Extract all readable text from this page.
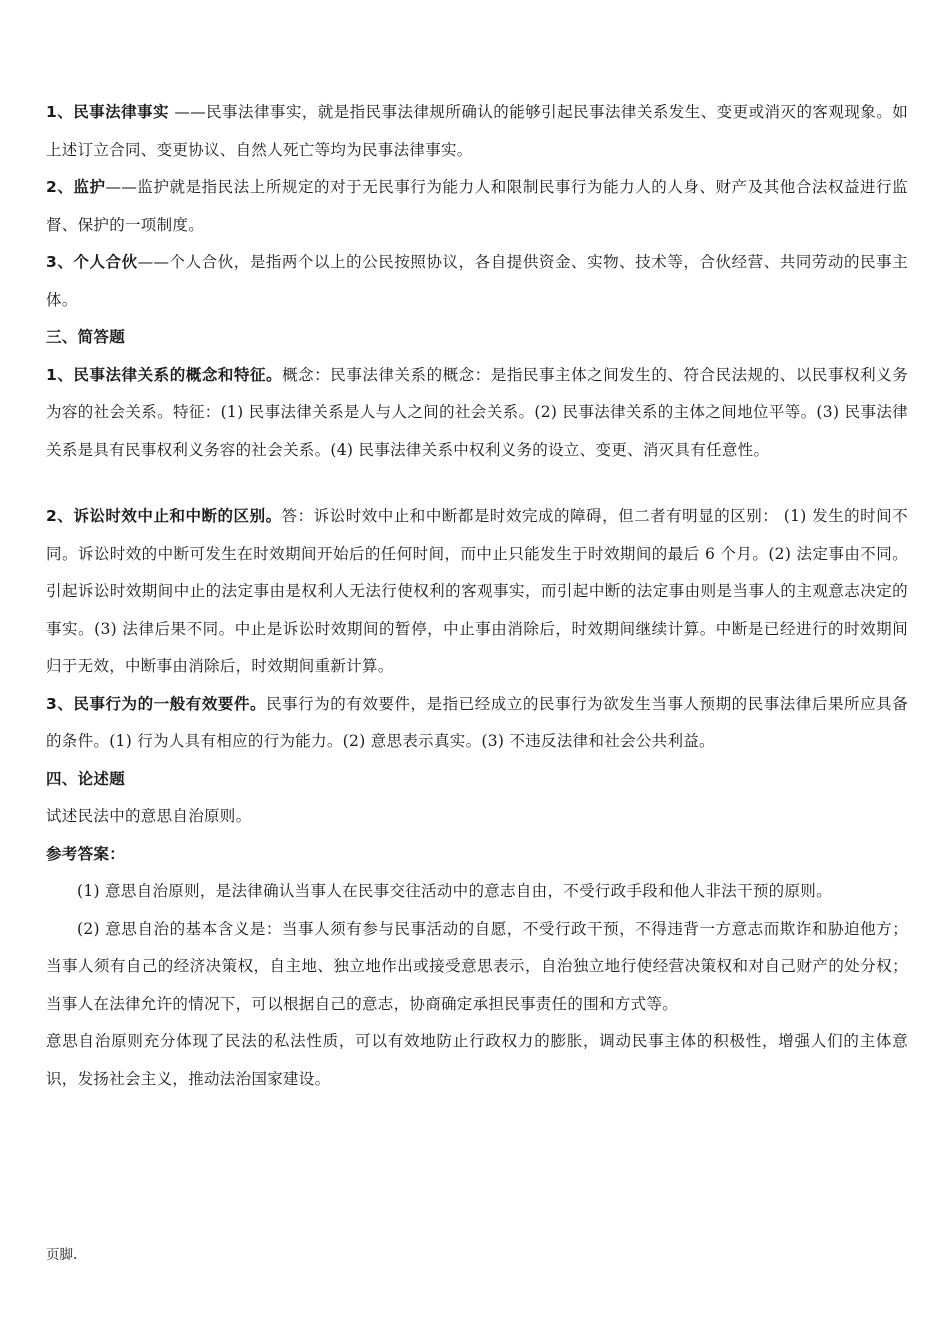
1、民事法律事实 ——民事法律事实，就是指民事法律规所确认的能够引起民事法律关系发生、变更或消灭的客观现象。如上述订立合同、变更协议、自然人死亡等均为民事法律事实。

2、监护——监护就是指民法上所规定的对于无民事行为能力人和限制民事行为能力人的人身、财产及其他合法权益进行监督、保护的一项制度。

3、个人合伙——个人合伙，是指两个以上的公民按照协议，各自提供资金、实物、技术等，合伙经营、共同劳动的民事主体。

三、简答题

1、民事法律关系的概念和特征。概念：民事法律关系的概念：是指民事主体之间发生的、符合民法规的、以民事权利义务为容的社会关系。特征：(1) 民事法律关系是人与人之间的社会关系。(2) 民事法律关系的主体之间地位平等。(3) 民事法律关系是具有民事权利义务容的社会关系。(4) 民事法律关系中权利义务的设立、变更、消灭具有任意性。

2、诉讼时效中止和中断的区别。答：诉讼时效中止和中断都是时效完成的障碍，但二者有明显的区别： (1) 发生的时间不同。诉讼时效的中断可发生在时效期间开始后的任何时间，而中止只能发生于时效期间的最后 6 个月。(2) 法定事由不同。引起诉讼时效期间中止的法定事由是权利人无法行使权利的客观事实，而引起中断的法定事由则是当事人的主观意志决定的事实。(3) 法律后果不同。中止是诉讼时效期间的暂停，中止事由消除后，时效期间继续计算。中断是已经进行的时效期间归于无效，中断事由消除后，时效期间重新计算。

3、民事行为的一般有效要件。民事行为的有效要件，是指已经成立的民事行为欲发生当事人预期的民事法律后果所应具备的条件。(1) 行为人具有相应的行为能力。(2) 意思表示真实。(3) 不违反法律和社会公共利益。

四、论述题

试述民法中的意思自治原则。

参考答案：

(1) 意思自治原则，是法律确认当事人在民事交往活动中的意志自由，不受行政手段和他人非法干预的原则。

(2) 意思自治的基本含义是：当事人须有参与民事活动的自愿，不受行政干预，不得违背一方意志而欺诈和胁迫他方；当事人须有自己的经济决策权，自主地、独立地作出或接受意思表示，自治独立地行使经营决策权和对自己财产的处分权；当事人在法律允许的情况下，可以根据自己的意志，协商确定承担民事责任的围和方式等。

意思自治原则充分体现了民法的私法性质，可以有效地防止行政权力的膨胀，调动民事主体的积极性，增强人们的主体意识，发扬社会主义，推动法治国家建设。

页脚.
